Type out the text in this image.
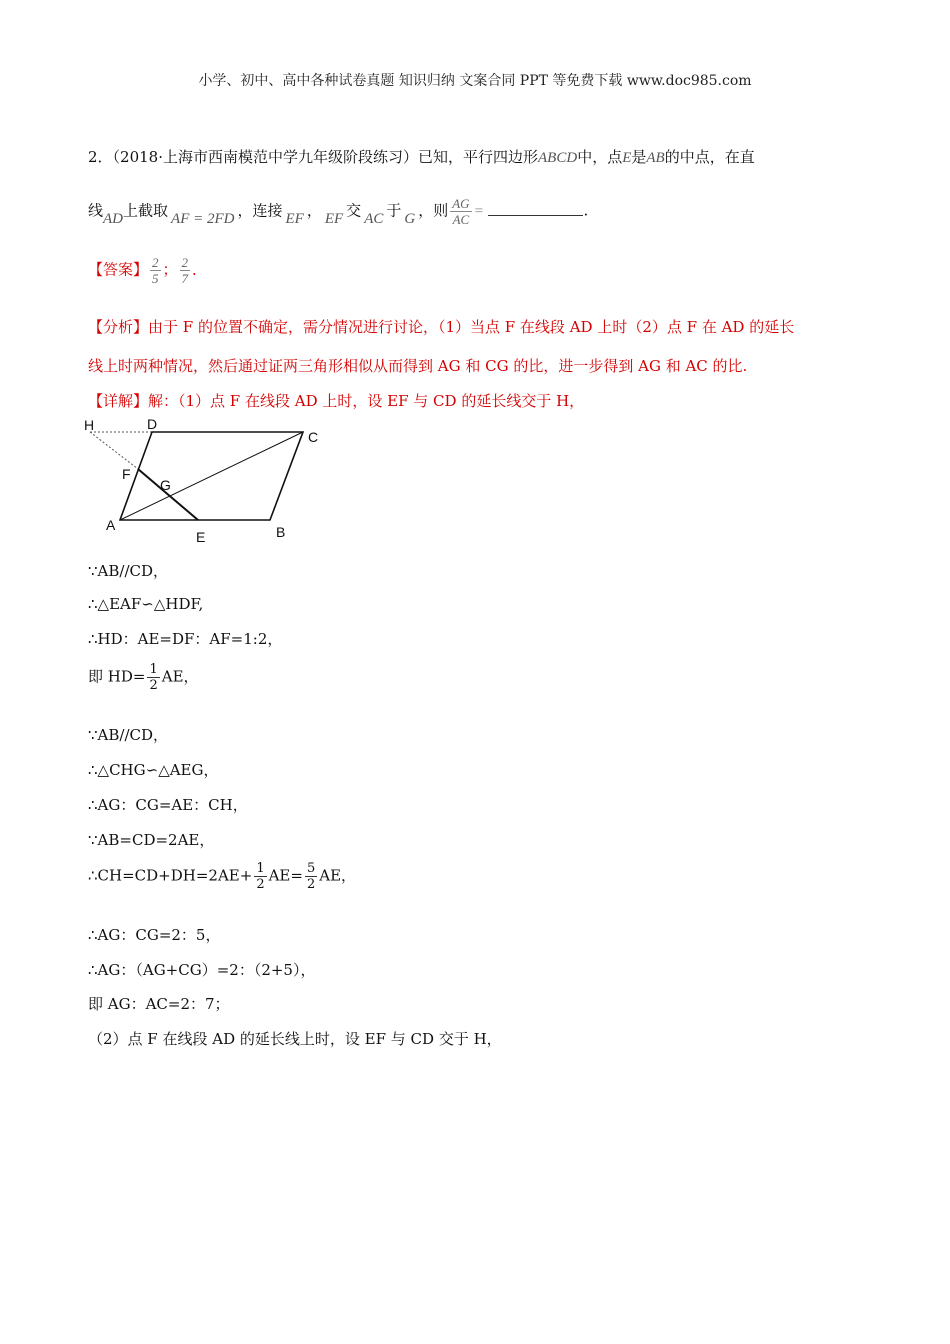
小学、初中、高中各种试卷真题 知识归纳 文案合同 PPT 等免费下载 www.doc985.com
2．（2018·上海市西南模范中学九年级阶段练习）已知，平行四边形ABCD中，点E是AB的中点，在直
线AD上截取 AF = 2FD ，连接 EF ， EF 交 AC 于 G ，则 $\frac{AG}{AC}$ =	.
【答案】 $\frac{2}{5}$ ； $\frac{2}{7}$ ．
【分析】由于 F 的位置不确定，需分情况进行讨论，（1）当点 F 在线段 AD 上时（2）点 F 在 AD 的延长
线上时两种情况，然后通过证两三角形相似从而得到 AG 和 CG 的比，进一步得到 AG 和 AC 的比.
【详解】解：（1）点 F 在线段 AD 上时，设 EF 与 CD 的延长线交于 H，
H	D
C
F
G
A
E	B
∵AB//CD，
∴△EAF∽△HDF,
∴HD：AE=DF：AF=1:2，
即 $HD= \frac{1}{2}$ AE，
∵AB//CD，
∴△CHG∽△AEG，
∴AG：CG=AE：CH，
∵AB=CD=2AE，
∴CH=CD+DH=2AE+ $\frac{1}{2} AE= \frac{5}{2}$ AE，
∴AG：CG=2：5，
∴AG：（AG+CG）=2：（2+5），
即 AG：AC=2：7；
（2）点 F 在线段 AD 的延长线上时，设 EF 与 CD 交于 H，
